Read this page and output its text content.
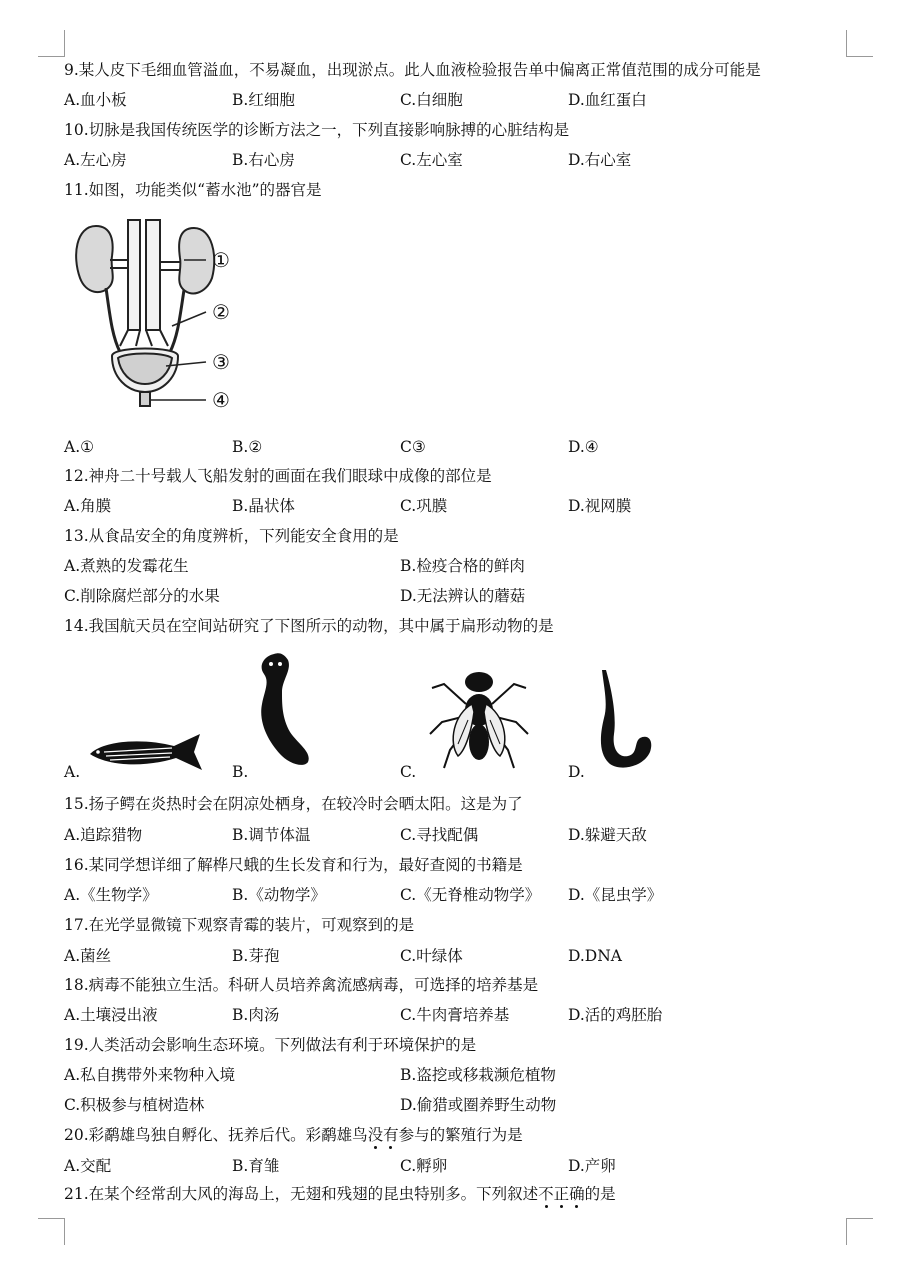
9.某人皮下毛细血管溢血，不易凝血，出现淤点。此人血液检验报告单中偏离正常值范围的成分可能是
A.血小板	B.红细胞	C.白细胞	D.血红蛋白
10.切脉是我国传统医学的诊断方法之一，下列直接影响脉搏的心脏结构是
A.左心房	B.右心房	C.左心室	D.右心室
11.如图，功能类似“蓄水池”的器官是
①
②
③
④
A.①	B.②	C③	D.④
12.神舟二十号载人飞船发射的画面在我们眼球中成像的部位是
A.角膜	B.晶状体	C.巩膜	D.视网膜
13.从食品安全的角度辨析，下列能安全食用的是
A.煮熟的发霉花生	B.检疫合格的鲜肉
C.削除腐烂部分的水果	D.无法辨认的蘑菇
14.我国航天员在空间站研究了下图所示的动物，其中属于扁形动物的是
A.	B.	C.	D.
15.扬子鳄在炎热时会在阴凉处栖身，在较冷时会晒太阳。这是为了
A.追踪猎物	B.调节体温	C.寻找配偶	D.躲避天敌
16.某同学想详细了解桦尺蛾的生长发育和行为，最好查阅的书籍是
A.《生物学》	B.《动物学》	C.《无脊椎动物学》 D.《昆虫学》
17.在光学显微镜下观察青霉的装片，可观察到的是
A.菌丝	B.芽孢	C.叶绿体	D.DNA
18.病毒不能独立生活。科研人员培养禽流感病毒，可选择的培养基是
A.土壤浸出液	B.肉汤	C.牛肉膏培养基	D.活的鸡胚胎
19.人类活动会影响生态环境。下列做法有利于环境保护的是
A.私自携带外来物种入境	B.盗挖或移栽濒危植物
C.积极参与植树造林	D.偷猎或圈养野生动物
20.彩鹬雄鸟独自孵化、抚养后代。彩鹬雄鸟没有
参与的繁殖行为是
A.交配	B.育雏	C.孵卵	D.产卵
21.在某个经常刮大风的海岛上，无翅和残翅的昆虫特别多。下列叙述不正确
的是
